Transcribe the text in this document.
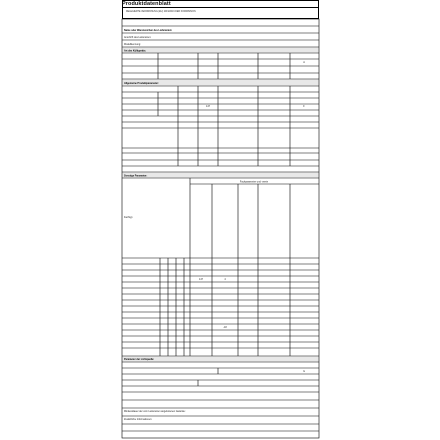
Produktdatenblatt
DELEGIERTE VERORDNUNG (EU) 2019/2016 DER KOMMISSION
Name oder Warenzeichen des Lieferanten:
Anschrift des Lieferanten:
Modellkennung:
Art des Kühlgeräts:
Allgemeine Produktparameter:
Sonstige Parameter:
Fachparameter und -werte
Fachtyp
Parameter der Lichtquelle:
Mindestdauer der vom Lieferanten angebotenen Garantie:
Zusätzliche Informationen:
A
F
147
147	4
-18
G
